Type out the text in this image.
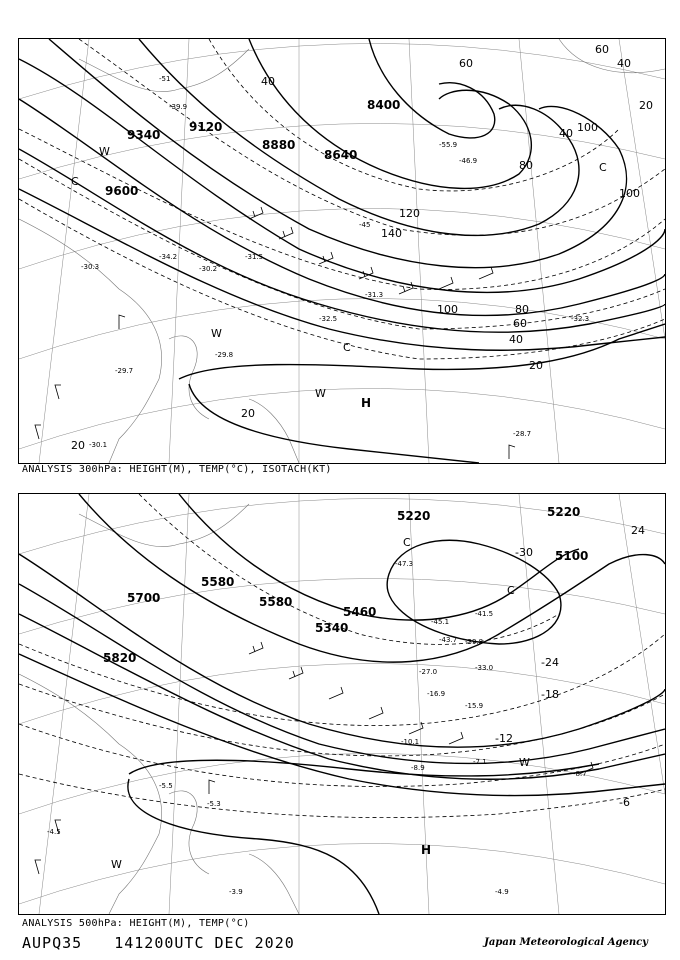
9340
9120
8880
8640
8400
9600
40
60
80
100
120
140
100	80
60
40
20
20
20
60
40
20
40 100
W
C
W
C
W
H
C
-39.9
-51
-55.9
-46.9
-45
-31.5
-30.3
-29.8
-29.7
-28.7
-30.1
-32.3
-31.3
-34.2
-30.2
-32.5
ANALYSIS 300hPa: HEIGHT(M), TEMP(°C), ISOTACH(KT)
5700
5580
5340
5220
5100
5820
5460
5220
5580
-24
-18
-12
-6
-30
24
C
W
W
H
C
-47.3
-41.5
-45.1
-43.7 -39.8
-33.0
-27.0
-16.9
-15.9
-10.1
-8.9
-7.1
-5.3
-4.5
-4.9
-5.5
-8.7
-3.9
ANALYSIS 500hPa: HEIGHT(M), TEMP(°C)
AUPQ35 141200UTC DEC 2020	Japan Meteorological Agency
